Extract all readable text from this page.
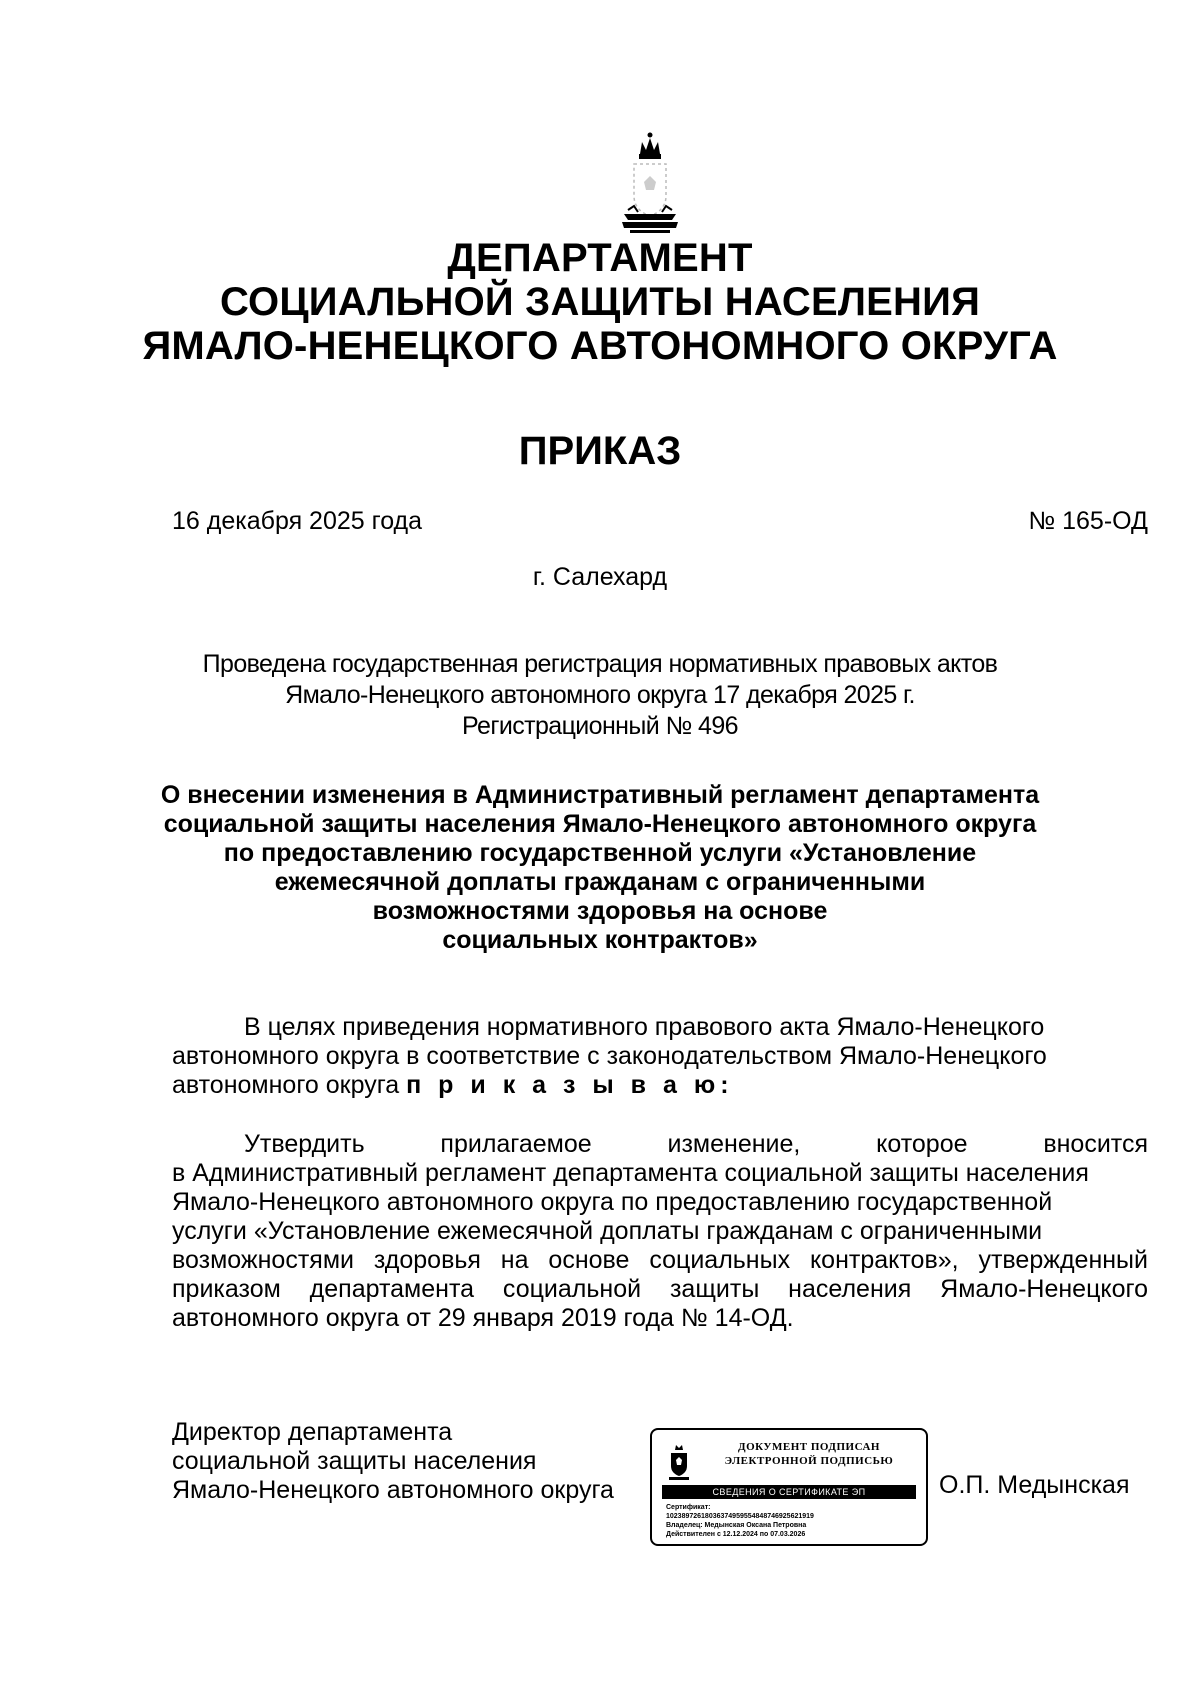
ДЕПАРТАМЕНТ
СОЦИАЛЬНОЙ ЗАЩИТЫ НАСЕЛЕНИЯ
ЯМАЛО-НЕНЕЦКОГО АВТОНОМНОГО ОКРУГА
ПРИКАЗ
16 декабря 2025 года	№ 165-ОД
г. Салехард
Проведена государственная регистрация нормативных правовых актов
Ямало-Ненецкого автономного округа 17 декабря 2025 г.
Регистрационный № 496
О внесении изменения в Административный регламент департамента
социальной защиты населения Ямало-Ненецкого автономного округа
по предоставлению государственной услуги «Установление
ежемесячной доплаты гражданам с ограниченными
возможностями здоровья на основе
социальных контрактов»
В целях приведения нормативного правового акта Ямало-Ненецкого
автономного округа в соответствие с законодательством Ямало-Ненецкого
автономного округа п р и к а з ы в а ю:
Утвердить прилагаемое изменение, которое вносится
в Административный регламент департамента социальной защиты населения
Ямало-Ненецкого автономного округа по предоставлению государственной
услуги «Установление ежемесячной доплаты гражданам с ограниченными
возможностями здоровья на основе социальных контрактов», утвержденный
приказом департамента социальной защиты населения Ямало-Ненецкого
автономного округа от 29 января 2019 года № 14-ОД.
Директор департамента
социальной защиты населения
Ямало-Ненецкого автономного округа
ДОКУМЕНТ ПОДПИСАН
ЭЛЕКТРОННОЙ ПОДПИСЬЮ
СВЕДЕНИЯ О СЕРТИФИКАТЕ ЭП
Сертификат:
10238972618036374959554848746925621919
Владелец: Медынская Оксана Петровна
Действителен с 12.12.2024 по 07.03.2026
О.П. Медынская
